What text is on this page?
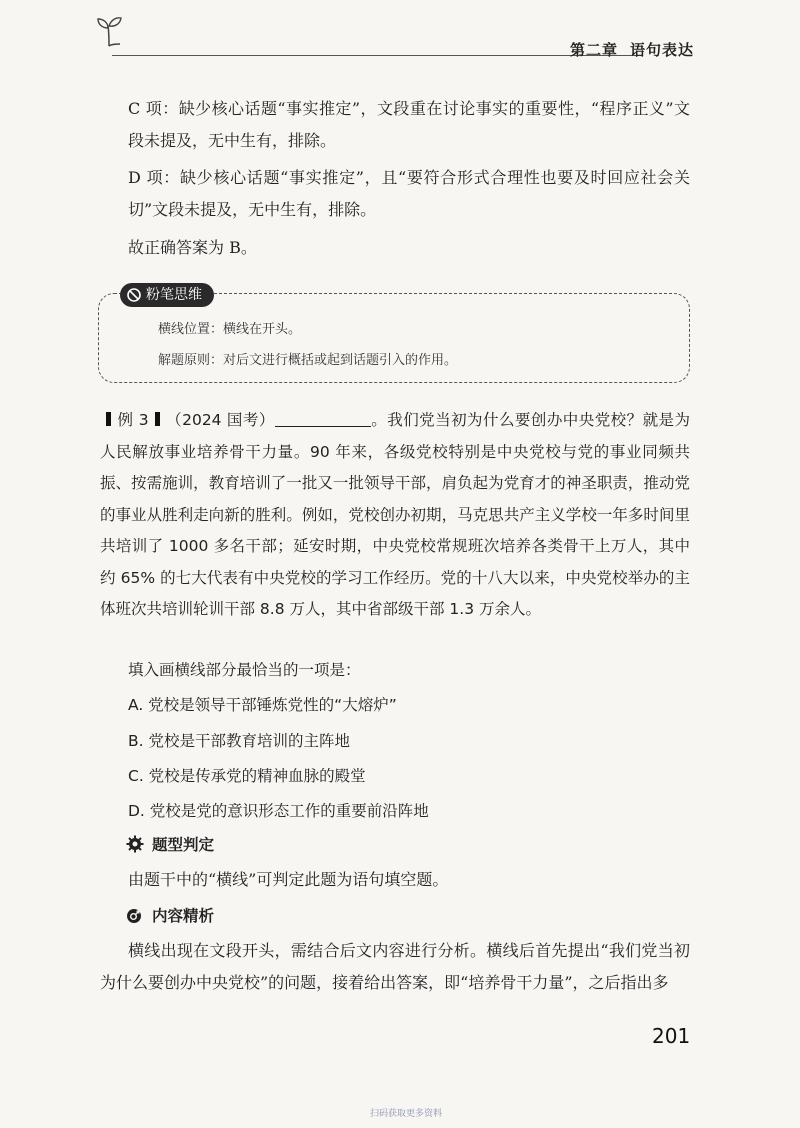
第二章 语句表达
C 项：缺少核心话题“事实推定”，文段重在讨论事实的重要性，“程序正义”文段未提及，无中生有，排除。
D 项：缺少核心话题“事实推定”，且“要符合形式合理性也要及时回应社会关切”文段未提及，无中生有，排除。
故正确答案为 B。
粉笔思维
横线位置：横线在开头。
解题原则：对后文进行概括或起到话题引入的作用。
例 3 （2024 国考）	。我们党当初为什么要创办中央党校？就是为人民解放事业培养骨干力量。90 年来，各级党校特别是中央党校与党的事业同频共振、按需施训，教育培训了一批又一批领导干部，肩负起为党育才的神圣职责，推动党的事业从胜利走向新的胜利。例如，党校创办初期，马克思共产主义学校一年多时间里共培训了 1000 多名干部；延安时期，中央党校常规班次培养各类骨干上万人，其中约 65% 的七大代表有中央党校的学习工作经历。党的十八大以来，中央党校举办的主体班次共培训轮训干部 8.8 万人，其中省部级干部 1.3 万余人。
填入画横线部分最恰当的一项是：
A. 党校是领导干部锤炼党性的“大熔炉”
B. 党校是干部教育培训的主阵地
C. 党校是传承党的精神血脉的殿堂
D. 党校是党的意识形态工作的重要前沿阵地
题型判定
由题干中的“横线”可判定此题为语句填空题。
内容精析
横线出现在文段开头，需结合后文内容进行分析。横线后首先提出“我们党当初为什么要创办中央党校”的问题，接着给出答案，即“培养骨干力量”，之后指出多
201
扫码获取更多资料
